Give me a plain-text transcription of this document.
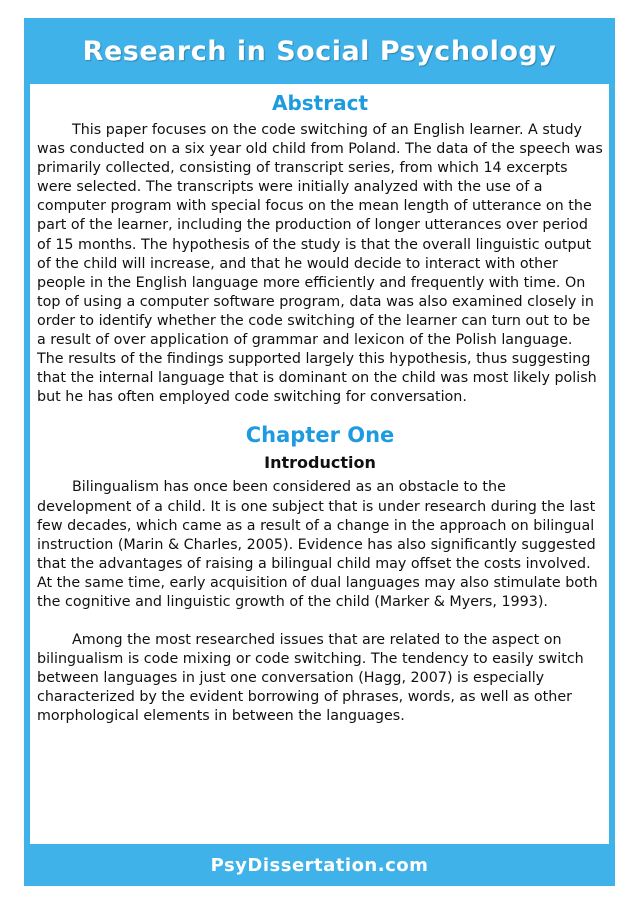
Research in Social Psychology
Abstract

This paper focuses on the code switching of an English learner. A study was conducted on a six year old child from Poland. The data of the speech was primarily collected, consisting of transcript series, from which 14 excerpts were selected. The transcripts were initially analyzed with the use of a computer program with special focus on the mean length of utterance on the part of the learner, including the production of longer utterances over period of 15 months. The hypothesis of the study is that the overall linguistic output of the child will increase, and that he would decide to interact with other people in the English language more efficiently and frequently with time. On top of using a computer software program, data was also examined closely in order to identify whether the code switching of the learner can turn out to be a result of over application of grammar and lexicon of the Polish language. The results of the findings supported largely this hypothesis, thus suggesting that the internal language that is dominant on the child was most likely polish but he has often employed code switching for conversation.

Chapter One
Introduction

Bilingualism has once been considered as an obstacle to the development of a child. It is one subject that is under research during the last few decades, which came as a result of a change in the approach on bilingual instruction (Marin & Charles, 2005). Evidence has also significantly suggested that the advantages of raising a bilingual child may offset the costs involved. At the same time, early acquisition of dual languages may also stimulate both the cognitive and linguistic growth of the child (Marker & Myers, 1993).

Among the most researched issues that are related to the aspect on bilingualism is code mixing or code switching. The tendency to easily switch between languages in just one conversation (Hagg, 2007) is especially characterized by the evident borrowing of phrases, words, as well as other morphological elements in between the languages.

PsyDissertation.com
